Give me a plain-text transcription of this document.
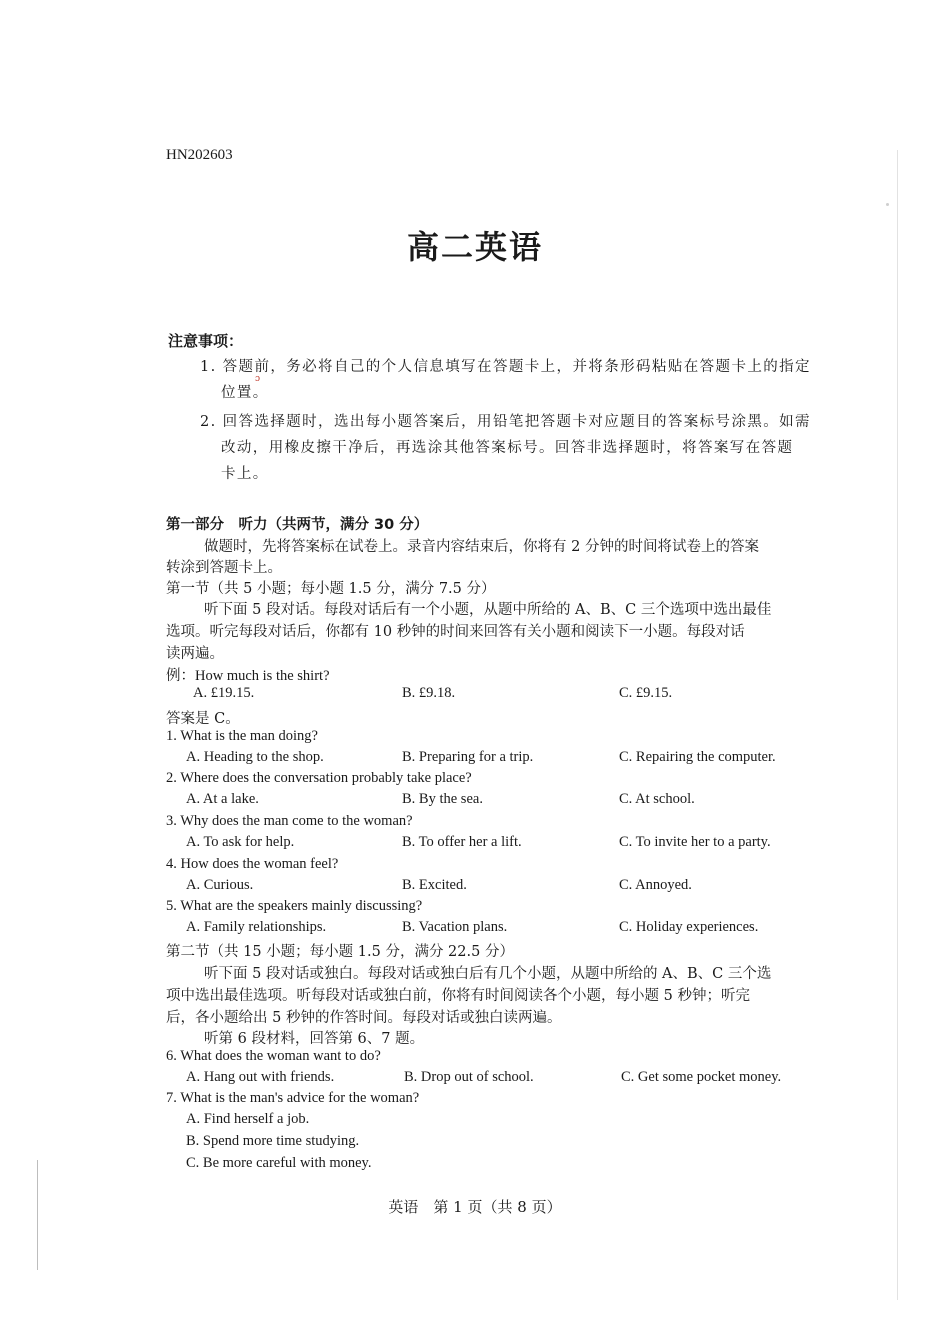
HN202603
高二英语
注意事项：
1. 答题前，务必将自己的个人信息填写在答题卡上，并将条形码粘贴在答题卡上的指定
位置。
ɔ
2. 回答选择题时，选出每小题答案后，用铅笔把答题卡对应题目的答案标号涂黑。如需
改动，用橡皮擦干净后，再选涂其他答案标号。回答非选择题时，将答案写在答题
卡上。
第一部分　听力（共两节，满分 30 分）
做题时，先将答案标在试卷上。录音内容结束后，你将有 2 分钟的时间将试卷上的答案
转涂到答题卡上。
第一节（共 5 小题；每小题 1.5 分，满分 7.5 分）
听下面 5 段对话。每段对话后有一个小题，从题中所给的 A、B、C 三个选项中选出最佳
选项。听完每段对话后，你都有 10 秒钟的时间来回答有关小题和阅读下一小题。每段对话
读两遍。
例：How much is the shirt?
A. £19.15.	B. £9.18.	C. £9.15.
答案是 C。
1. What is the man doing?
A. Heading to the shop.	B. Preparing for a trip.	C. Repairing the computer.
2. Where does the conversation probably take place?
A. At a lake.	B. By the sea.	C. At school.
3. Why does the man come to the woman?
A. To ask for help.	B. To offer her a lift.	C. To invite her to a party.
4. How does the woman feel?
A. Curious.	B. Excited.	C. Annoyed.
5. What are the speakers mainly discussing?
A. Family relationships.	B. Vacation plans.	C. Holiday experiences.
第二节（共 15 小题；每小题 1.5 分，满分 22.5 分）
听下面 5 段对话或独白。每段对话或独白后有几个小题，从题中所给的 A、B、C 三个选
项中选出最佳选项。听每段对话或独白前，你将有时间阅读各个小题，每小题 5 秒钟；听完
后，各小题给出 5 秒钟的作答时间。每段对话或独白读两遍。
听第 6 段材料，回答第 6、7 题。
6. What does the woman want to do?
A. Hang out with friends.	B. Drop out of school.	C. Get some pocket money.
7. What is the man's advice for the woman?
A. Find herself a job.
B. Spend more time studying.
C. Be more careful with money.
英语　第 1 页（共 8 页）
